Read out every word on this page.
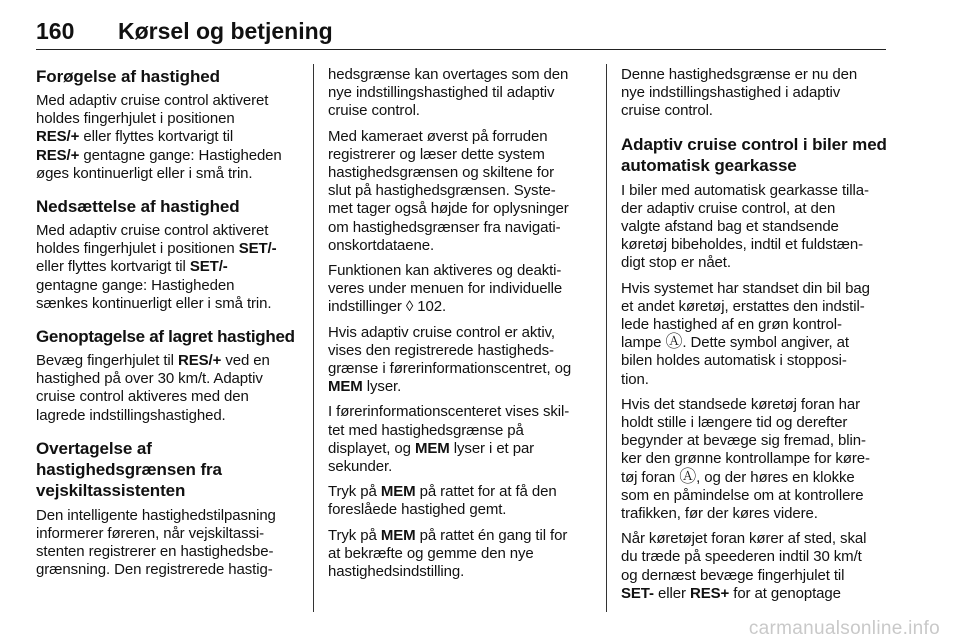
160 Kørsel og betjening
Forøgelse af hastighed
Med adaptiv cruise control aktiveret
holdes fingerhjulet i positionen
RES/+ eller flyttes kortvarigt til
RES/+ gentagne gange: Hastigheden
øges kontinuerligt eller i små trin.
Nedsættelse af hastighed
Med adaptiv cruise control aktiveret
holdes fingerhjulet i positionen SET/-
eller flyttes kortvarigt til SET/-
gentagne gange: Hastigheden
sænkes kontinuerligt eller i små trin.
Genoptagelse af lagret hastighed
Bevæg fingerhjulet til RES/+ ved en
hastighed på over 30 km/t. Adaptiv
cruise control aktiveres med den
lagrede indstillingshastighed.
Overtagelse af
hastighedsgrænsen fra
vejskiltassistenten
Den intelligente hastighedstilpasning
informerer føreren, når vejskiltassi-
stenten registrerer en hastighedsbe-
grænsning. Den registrerede hastig-
hedsgrænse kan overtages som den
nye indstillingshastighed til adaptiv
cruise control.
Med kameraet øverst på forruden
registrerer og læser dette system
hastighedsgrænsen og skiltene for
slut på hastighedsgrænsen. Syste-
met tager også højde for oplysninger
om hastighedsgrænser fra navigati-
onskortdataene.
Funktionen kan aktiveres og deakti-
veres under menuen for individuelle
indstillinger ◊ 102.
Hvis adaptiv cruise control er aktiv,
vises den registrerede hastigheds-
grænse i førerinformationscentret, og
MEM lyser.
I førerinformationscenteret vises skil-
tet med hastighedsgrænse på
displayet, og MEM lyser i et par
sekunder.
Tryk på MEM på rattet for at få den
foreslåede hastighed gemt.
Tryk på MEM på rattet én gang til for
at bekræfte og gemme den nye
hastighedsindstilling.
Denne hastighedsgrænse er nu den
nye indstillingshastighed i adaptiv
cruise control.
Adaptiv cruise control i biler med
automatisk gearkasse
I biler med automatisk gearkasse tilla-
der adaptiv cruise control, at den
valgte afstand bag et standsende
køretøj bibeholdes, indtil et fuldstæn-
digt stop er nået.
Hvis systemet har standset din bil bag
et andet køretøj, erstattes den indstil-
lede hastighed af en grøn kontrol-
lampe Ⓐ. Dette symbol angiver, at
bilen holdes automatisk i stopposi-
tion.
Hvis det standsede køretøj foran har
holdt stille i længere tid og derefter
begynder at bevæge sig fremad, blin-
ker den grønne kontrollampe for køre-
tøj foran Ⓐ, og der høres en klokke
som en påmindelse om at kontrollere
trafikken, før der køres videre.
Når køretøjet foran kører af sted, skal
du træde på speederen indtil 30 km/t
og dernæst bevæge fingerhjulet til
SET- eller RES+ for at genoptage
carmanualsonline.info
